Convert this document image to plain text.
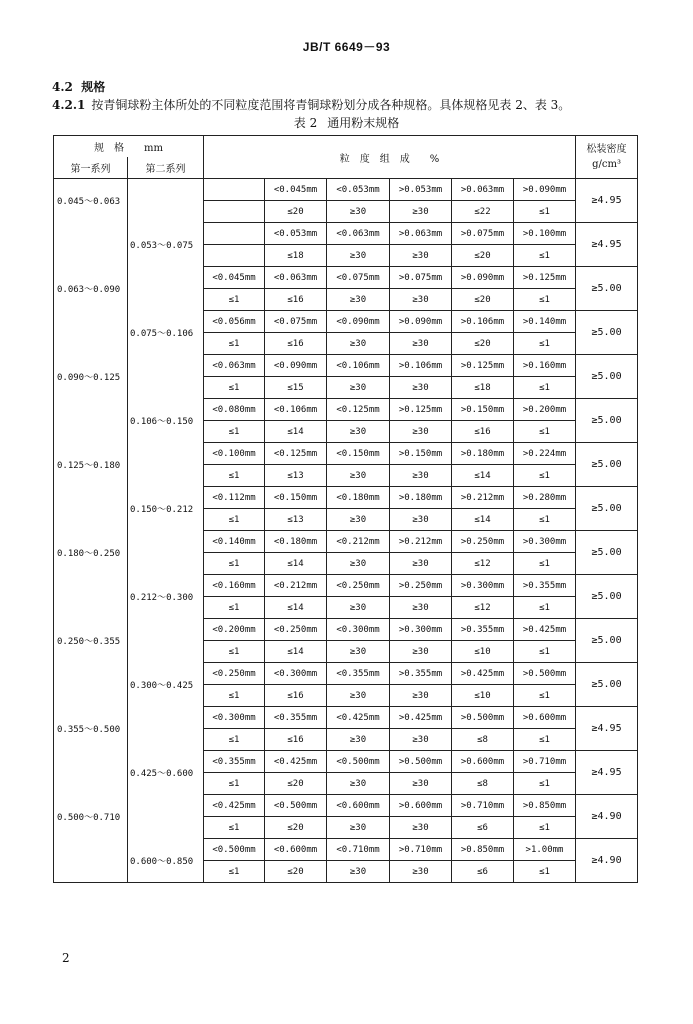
JB/T 6649－93
4.2 规格
4.2.1 按青铜球粉主体所处的不同粒度范围将青铜球粉划分成各种规格。具体规格见表 2、表 3。
表 2 通用粉末规格
规　格　　mm		粒　度　组　成　　%						松装密度 g/cm³
第一系列	第二系列							
0.045～0.063			<0.045mm	<0.053mm	>0.053mm	>0.063mm	>0.090mm	≥4.95
			≤20	≥30	≥30	≤22	≤1	
	0.053～0.075		<0.053mm	<0.063mm	>0.063mm	>0.075mm	>0.100mm	≥4.95
			≤18	≥30	≥30	≤20	≤1	
0.063～0.090		<0.045mm	<0.063mm	<0.075mm	>0.075mm	>0.090mm	>0.125mm	≥5.00
		≤1	≤16	≥30	≥30	≤20	≤1	
	0.075～0.106	<0.056mm	<0.075mm	<0.090mm	>0.090mm	>0.106mm	>0.140mm	≥5.00
		≤1	≤16	≥30	≥30	≤20	≤1	
0.090～0.125		<0.063mm	<0.090mm	<0.106mm	>0.106mm	>0.125mm	>0.160mm	≥5.00
		≤1	≤15	≥30	≥30	≤18	≤1	
	0.106～0.150	<0.080mm	<0.106mm	<0.125mm	>0.125mm	>0.150mm	>0.200mm	≥5.00
		≤1	≤14	≥30	≥30	≤16	≤1	
0.125～0.180		<0.100mm	<0.125mm	<0.150mm	>0.150mm	>0.180mm	>0.224mm	≥5.00
		≤1	≤13	≥30	≥30	≤14	≤1	
	0.150～0.212	<0.112mm	<0.150mm	<0.180mm	>0.180mm	>0.212mm	>0.280mm	≥5.00
		≤1	≤13	≥30	≥30	≤14	≤1	
0.180～0.250		<0.140mm	<0.180mm	<0.212mm	>0.212mm	>0.250mm	>0.300mm	≥5.00
		≤1	≤14	≥30	≥30	≤12	≤1	
	0.212～0.300	<0.160mm	<0.212mm	<0.250mm	>0.250mm	>0.300mm	>0.355mm	≥5.00
		≤1	≤14	≥30	≥30	≤12	≤1	
0.250～0.355		<0.200mm	<0.250mm	<0.300mm	>0.300mm	>0.355mm	>0.425mm	≥5.00
		≤1	≤14	≥30	≥30	≤10	≤1	
	0.300～0.425	<0.250mm	<0.300mm	<0.355mm	>0.355mm	>0.425mm	>0.500mm	≥5.00
		≤1	≤16	≥30	≥30	≤10	≤1	
0.355～0.500		<0.300mm	<0.355mm	<0.425mm	>0.425mm	>0.500mm	>0.600mm	≥4.95
		≤1	≤16	≥30	≥30	≤8	≤1	
	0.425～0.600	<0.355mm	<0.425mm	<0.500mm	>0.500mm	>0.600mm	>0.710mm	≥4.95
		≤1	≤20	≥30	≥30	≤8	≤1	
0.500～0.710		<0.425mm	<0.500mm	<0.600mm	>0.600mm	>0.710mm	>0.850mm	≥4.90
		≤1	≤20	≥30	≥30	≤6	≤1	
	0.600～0.850	<0.500mm	<0.600mm	<0.710mm	>0.710mm	>0.850mm	>1.00mm	≥4.90
		≤1	≤20	≥30	≥30	≤6	≤1	
2
